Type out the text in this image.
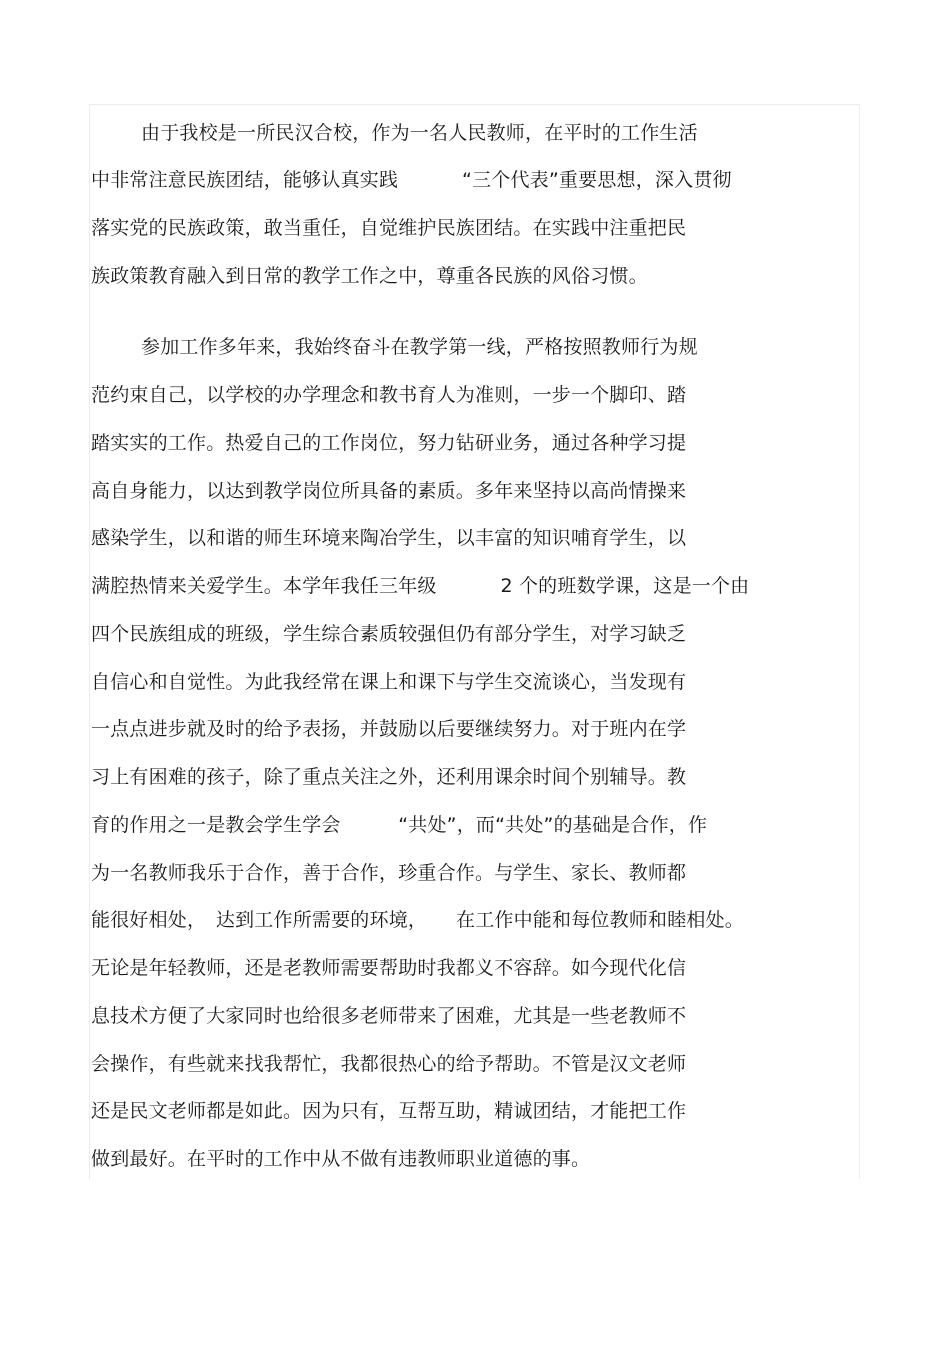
由于我校是一所民汉合校，作为一名人民教师，在平时的工作生活
中非常注意民族团结，能够认真实践　　　 “三个代表”重要思想，深入贯彻
落实党的民族政策，敢当重任，自觉维护民族团结。在实践中注重把民
族政策教育融入到日常的教学工作之中，尊重各民族的风俗习惯。
参加工作多年来，我始终奋斗在教学第一线，严格按照教师行为规
范约束自己，以学校的办学理念和教书育人为准则，一步一个脚印、踏
踏实实的工作。热爱自己的工作岗位，努力钻研业务，通过各种学习提
高自身能力，以达到教学岗位所具备的素质。多年来坚持以高尚情操来
感染学生，以和谐的师生环境来陶冶学生，以丰富的知识哺育学生，以
满腔热情来关爱学生。本学年我任三年级　　　 2 个的班数学课，这是一个由
四个民族组成的班级，学生综合素质较强但仍有部分学生，对学习缺乏
自信心和自觉性。为此我经常在课上和课下与学生交流谈心，当发现有
一点点进步就及时的给予表扬，并鼓励以后要继续努力。对于班内在学
习上有困难的孩子，除了重点关注之外，还利用课余时间个别辅导。教
育的作用之一是教会学生学会　　　“共处”，而“共处”的基础是合作，作
为一名教师我乐于合作，善于合作，珍重合作。与学生、家长、教师都
能很好相处，　达到工作所需要的环境，　　在工作中能和每位教师和睦相处。
无论是年轻教师，还是老教师需要帮助时我都义不容辞。如今现代化信
息技术方便了大家同时也给很多老师带来了困难，尤其是一些老教师不
会操作，有些就来找我帮忙，我都很热心的给予帮助。不管是汉文老师
还是民文老师都是如此。因为只有，互帮互助，精诚团结，才能把工作
做到最好。在平时的工作中从不做有违教师职业道德的事。
